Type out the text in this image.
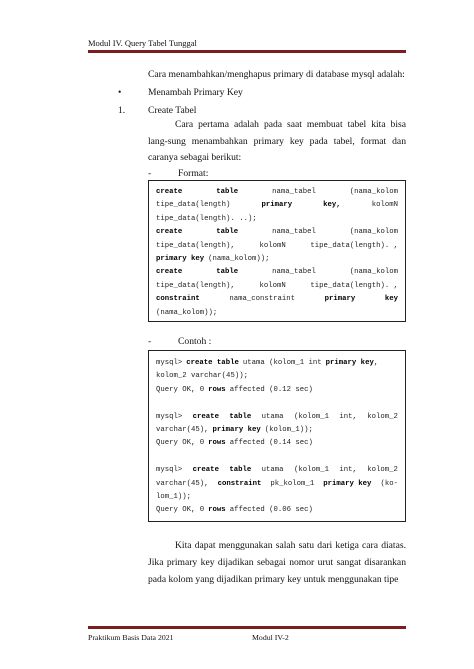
Modul IV. Query Tabel Tunggal
Cara menambahkan/menghapus primary di database mysql adalah:
•	Menambah Primary Key
1. Create Tabel

Cara pertama adalah pada saat membuat tabel kita bisa lang-sung menambahkan primary key pada tabel, format dan caranya sebagai berikut:

-	Format:
create	table	nama_tabel	(nama_kolom
tipe_data(length)	primary	key,	kolomN
tipe_data(length). ..);
create	table	nama_tabel	(nama_kolom
tipe_data(length),	kolomN	tipe_data(length). ,
primary key (nama_kolom));
create	table	nama_tabel	(nama_kolom
tipe_data(length),	kolomN	tipe_data(length). ,
constraint	nama_constraint	primary	key
(nama_kolom));
-	Contoh :
mysql> create table utama (kolom_1 int primary key ,
kolom_2 varchar(45));
Query OK, 0 rows affected (0.12 sec)
mysql> create table utama (kolom_1 int, kolom_2
varchar(45), primary key (kolom_1));
Query OK, 0 rows affected (0.14 sec)
mysql> create table utama (kolom_1 int, kolom_2
varchar(45), constraint pk_kolom_1 primary key (ko-
lom_1));
Query OK, 0 rows affected (0.06 sec)

Kita dapat menggunakan salah satu dari ketiga cara diatas. Jika primary key dijadikan sebagai nomor urut sangat disarankan pada kolom yang dijadikan primary key untuk menggunakan tipe

Praktikum Basis Data 2021	Modul IV-2
